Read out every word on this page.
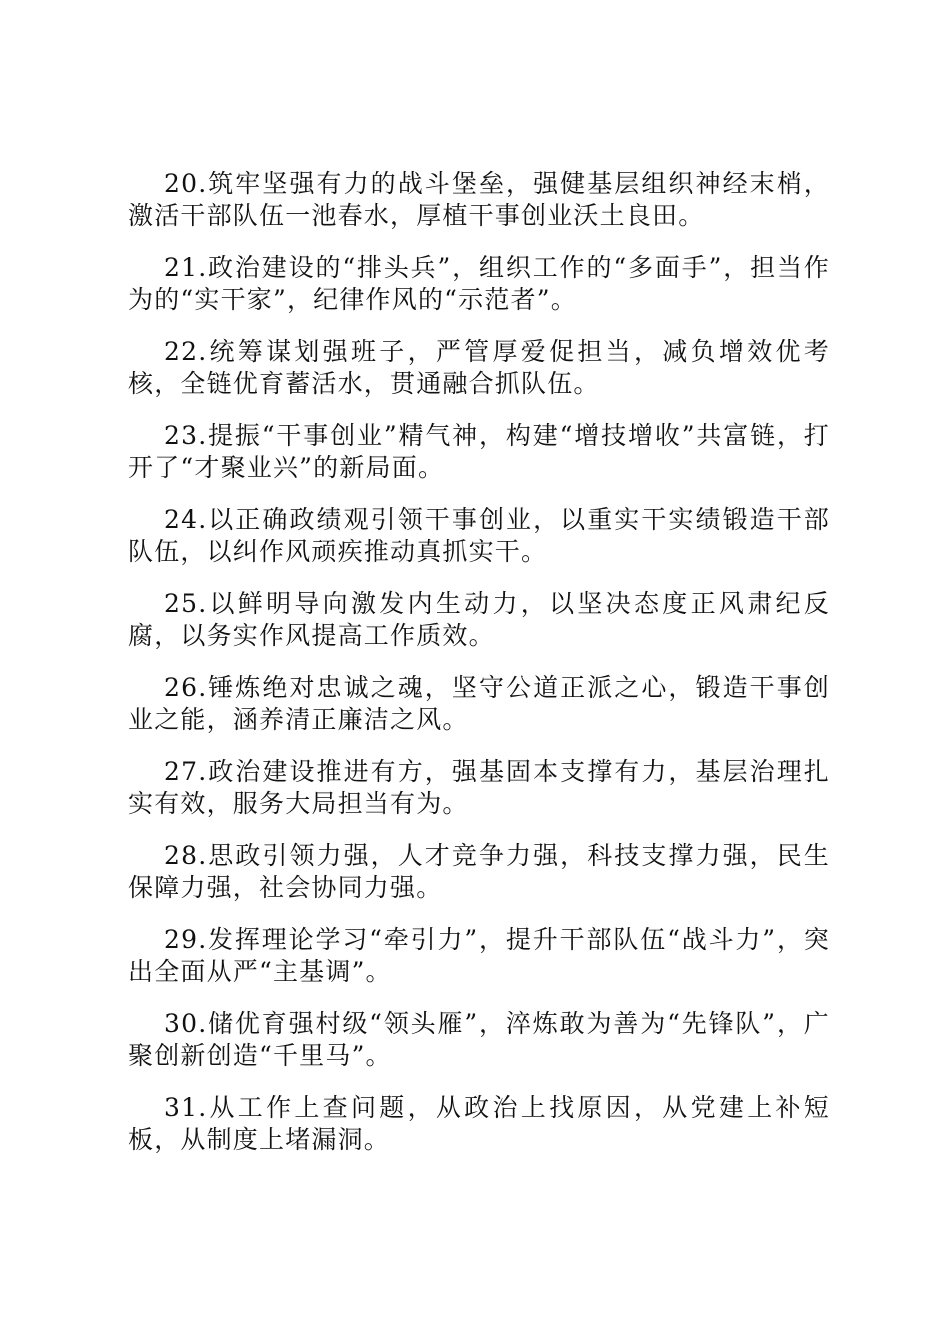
20.筑牢坚强有力的战斗堡垒，强健基层组织神经末梢，激活干部队伍一池春水，厚植干事创业沃土良田。

21.政治建设的“排头兵”，组织工作的“多面手”，担当作为的“实干家”，纪律作风的“示范者”。

22.统筹谋划强班子，严管厚爱促担当，减负增效优考核，全链优育蓄活水，贯通融合抓队伍。

23.提振“干事创业”精气神，构建“增技增收”共富链，打开了“才聚业兴”的新局面。

24.以正确政绩观引领干事创业，以重实干实绩锻造干部队伍，以纠作风顽疾推动真抓实干。

25.以鲜明导向激发内生动力，以坚决态度正风肃纪反腐，以务实作风提高工作质效。

26.锤炼绝对忠诚之魂，坚守公道正派之心，锻造干事创业之能，涵养清正廉洁之风。

27.政治建设推进有方，强基固本支撑有力，基层治理扎实有效，服务大局担当有为。

28.思政引领力强，人才竞争力强，科技支撑力强，民生保障力强，社会协同力强。

29.发挥理论学习“牵引力”，提升干部队伍“战斗力”，突出全面从严“主基调”。

30.储优育强村级“领头雁”，淬炼敢为善为“先锋队”，广聚创新创造“千里马”。

31.从工作上查问题，从政治上找原因，从党建上补短板，从制度上堵漏洞。
